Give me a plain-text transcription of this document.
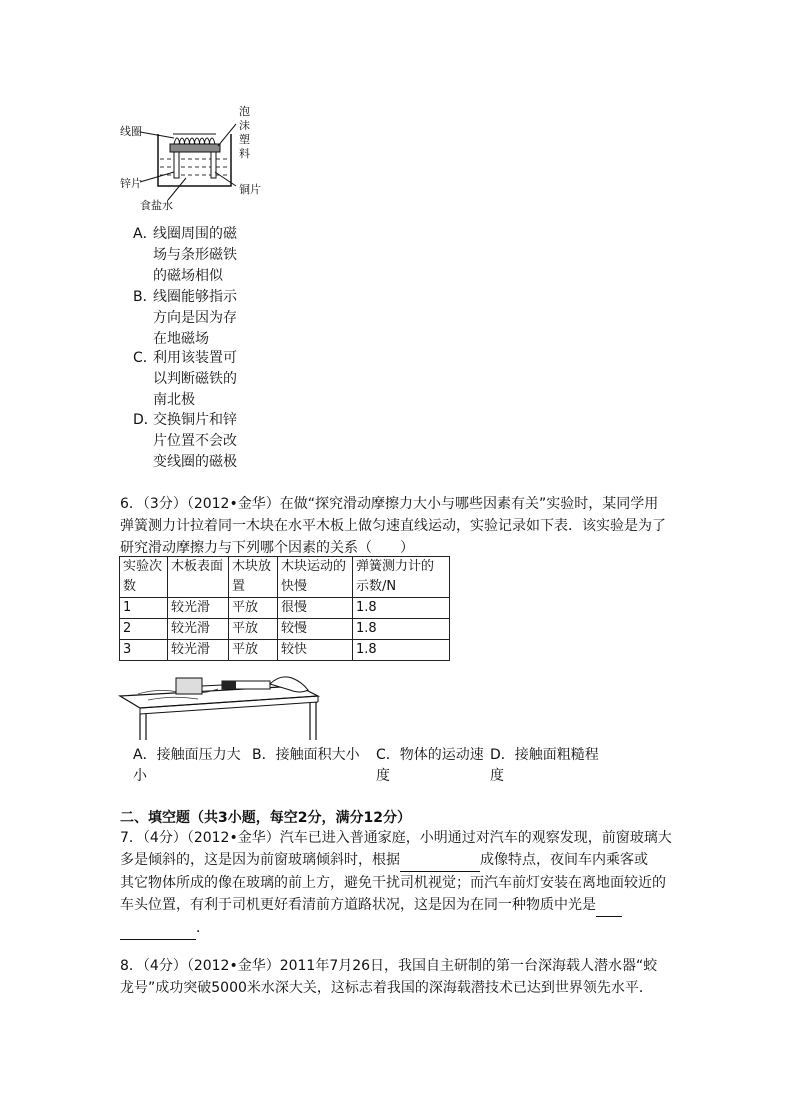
线圈
泡
沫
塑
料
锌片	铜片
食盐水
A．线圈周围的磁场与条形磁铁的磁场相似
B．线圈能够指示方向是因为存在地磁场
C．利用该装置可以判断磁铁的南北极
D．交换铜片和锌片位置不会改变线圈的磁极
6．（3分）（2012•金华）在做“探究滑动摩擦力大小与哪些因素有关”实验时，某同学用
弹簧测力计拉着同一木块在水平木板上做匀速直线运动，实验记录如下表．该实验是为了
研究滑动摩擦力与下列哪个因素的关系（　　）
实验次数	木板表面	木块放置	木块运动的快慢	弹簧测力计的示数/N
1	较光滑	平放	很慢	1.8
2	较光滑	平放	较慢	1.8
3	较光滑	平放	较快	1.8
A．接触面压力大小
B．接触面积大小	C．物体的运动速度
D．接触面粗糙程度
二、填空题（共3小题，每空2分，满分12分）
7．（4分）（2012•金华）汽车已进入普通家庭，小明通过对汽车的观察发现，前窗玻璃大
多是倾斜的，这是因为前窗玻璃倾斜时，根据	成像特点，夜间车内乘客或
其它物体所成的像在玻璃的前上方，避免干扰司机视觉；而汽车前灯安装在离地面较近的
车头位置，有利于司机更好看清前方道路状况，这是因为在同一种物质中光是
．
8．（4分）（2012•金华）2011年7月26日，我国自主研制的第一台深海载人潜水器“蛟
龙号”成功突破5000米水深大关，这标志着我国的深海载潜技术已达到世界领先水平．
